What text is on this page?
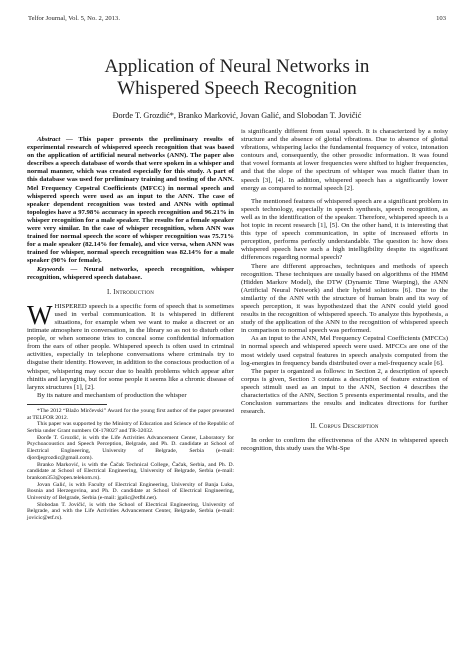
Telfor Journal, Vol. 5, No. 2, 2013.	103
Application of Neural Networks in
Whispered Speech Recognition
Đorđe T. Grozdić*, Branko Marković, Jovan Galić, and Slobodan T. Jovičić

Abstract — This paper presents the preliminary results of experimental research of whispered speech recognition that was based on the application of artificial neural networks (ANN). The paper also describes a speech database of words that were spoken in a whisper and normal manner, which was created especially for this study. A part of this database was used for preliminary training and testing of the ANN. Mel Frequency Cepstral Coefficients (MFCC) in normal speech and whispered speech were used as an input to the ANN. The case of speaker dependent recognition was tested and ANNs with optimal topologies have a 97.98% accuracy in speech recognition and 96.21% in whisper recognition for a male speaker. The results for a female speaker were very similar. In the case of whisper recognition, when ANN was trained for normal speech the score of whisper recognition was 75.71% for a male speaker (82.14% for female), and vice versa, when ANN was trained for whisper, normal speech recognition was 82.14% for a male speaker (90% for female).

Keywords — Neural networks, speech recognition, whisper recognition, whispered speech database.

I. Introduction

WHISPERED speech is a specific form of speech that is sometimes used in verbal communication. It is whispered in different situations, for example when we want to make a discreet or an intimate atmosphere in conversation, in the library so as not to disturb other people, or when someone tries to conceal some confidential information from the ears of other people. Whispered speech is often used in criminal activities, especially in telephone conversations where criminals try to disguise their identity. However, in addition to the conscious production of a whisper, whispering may occur due to health problems which appear after rhinitis and laryngitis, but for some people it seems like a chronic disease of larynx structures [1], [2].

By its nature and mechanism of production the whisper

*The 2012 “Blažo Mirčevski” Award for the young first author of the paper presented at TELFOR 2012.

This paper was supported by the Ministry of Education and Science of the Republic of Serbia under Grant numbers OI-178027 and TR-32032.

Đorđe T. Grozdić, is with the Life Activities Advancement Center, Laboratory for Psychoacoustics and Speech Perception, Belgrade, and Ph. D. candidate at School of Electrical Engineering, University of Belgrade, Serbia (e-mail: djordjegrozdic@gmail.com).

Branko Marković, is with the Čačak Technical College, Čačak, Serbia, and Ph. D. candidate at School of Electrical Engineering, University of Belgrade, Serbia (e-mail: brankom353@open.telekom.rs).

Jovan Galić, is with Faculty of Electrical Engineering, University of Banja Luka, Bosnia and Herzegovina, and Ph. D. candidate at School of Electrical Engineering, University of Belgrade, Serbia (e-mail: jgalic@etfbl.net).

Slobodan T. Jovičić, is with the School of Electrical Engineering, University of Belgrade, and with the Life Activities Advancement Center, Belgrade, Serbia (e-mail: jovicic@etf.rs).

is significantly different from usual speech. It is characterized by a noisy structure and the absence of glottal vibrations. Due to absence of glottal vibrations, whispering lacks the fundamental frequency of voice, intonation contours and, consequently, the other prosodic information. It was found that vowel formants at lower frequencies were shifted to higher frequencies, and that the slope of the spectrum of whisper was much flatter than in speech [3], [4]. In addition, whispered speech has a significantly lower energy as compared to normal speech [2].

The mentioned features of whispered speech are a significant problem in speech technology, especially in speech synthesis, speech recognition, as well as in the identification of the speaker. Therefore, whispered speech is a hot topic in recent research [1], [5]. On the other hand, it is interesting that this type of speech communication, in spite of increased efforts in perception, performs perfectly understandable. The question is: how does whispered speech have such a high intelligibility despite its significant differences regarding normal speech?

There are different approaches, techniques and methods of speech recognition. These techniques are usually based on algorithms of the HMM (Hidden Markov Model), the DTW (Dynamic Time Warping), the ANN (Artificial Neural Network) and their hybrid solutions [6]. Due to the similarity of the ANN with the structure of human brain and its way of speech perception, it was hypothesized that the ANN could yield good results in the recognition of whispered speech. To analyze this hypothesis, a study of the application of the ANN to the recognition of whispered speech in comparison to normal speech was performed.

As an input to the ANN, Mel Frequency Cepstral Coefficients (MFCCs) in normal speech and whispered speech were used. MFCCs are one of the most widely used cepstral features in speech analysis computed from the log-energies in frequency bands distributed over a mel-frequency scale [6].

The paper is organized as follows: in Section 2, a description of speech corpus is given, Section 3 contains a description of feature extraction of speech stimuli used as an input to the ANN, Section 4 describes the characteristics of the ANN, Section 5 presents experimental results, and the Conclusion summarizes the results and indicates directions for further research.

II. Corpus Description

In order to confirm the effectiveness of the ANN in whispered speech recognition, this study uses the Whi-Spe
